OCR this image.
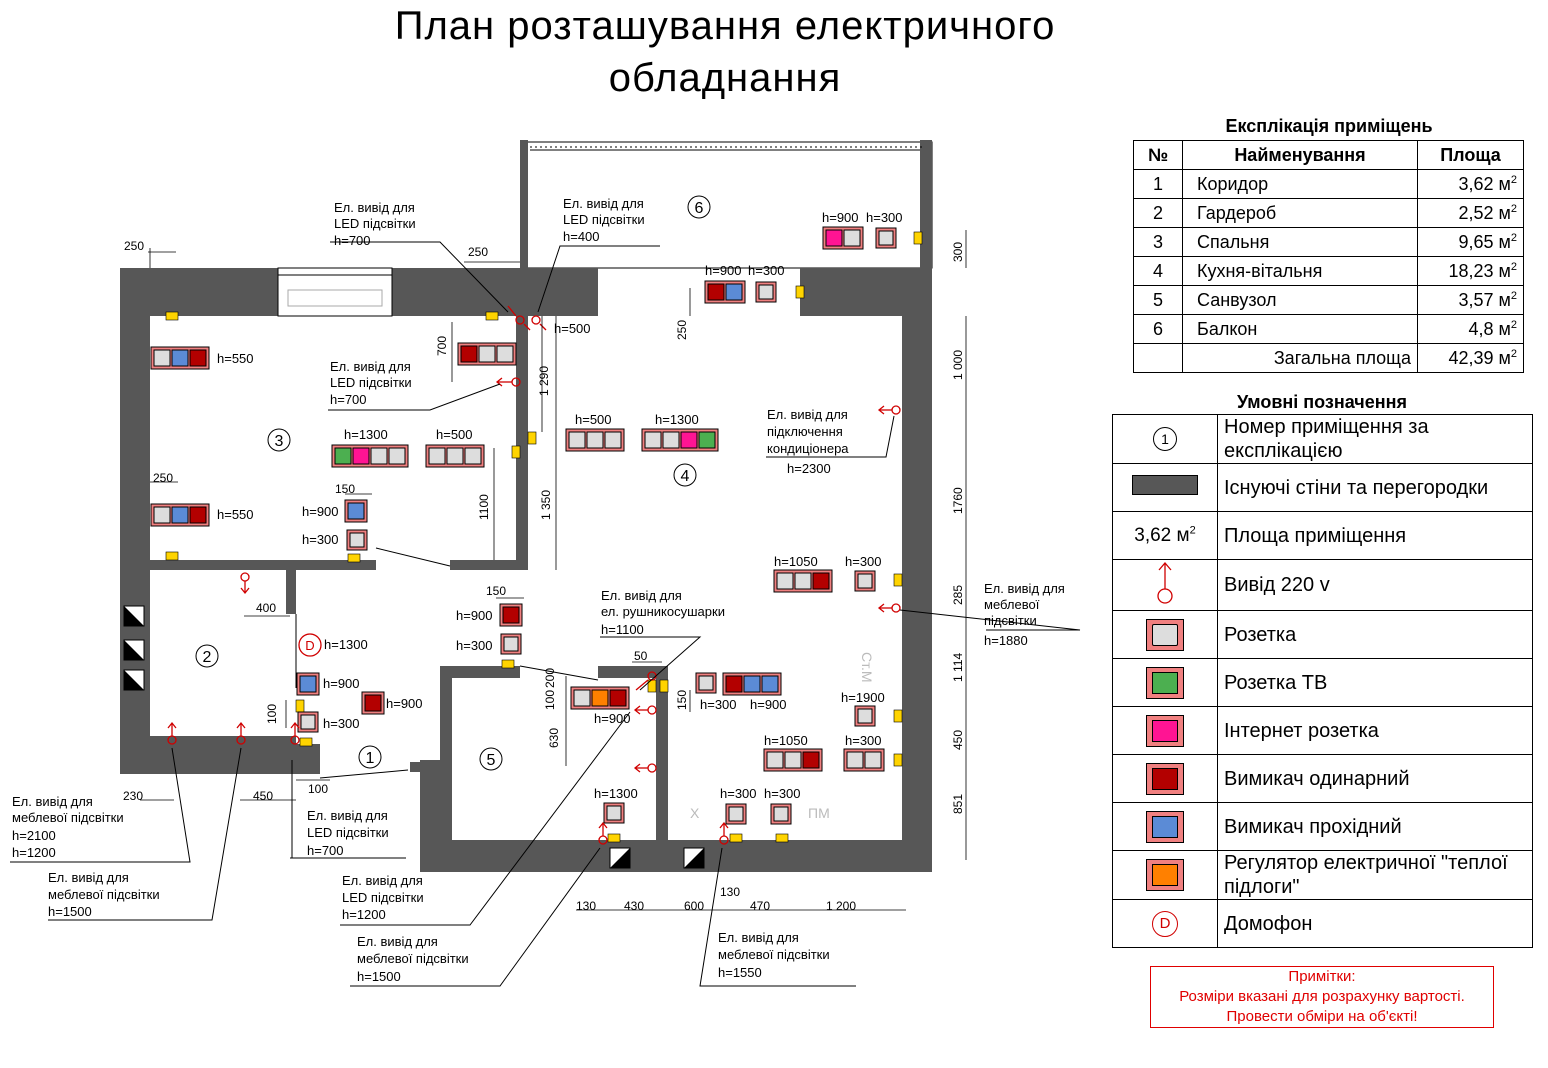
План розташування електричного
обладнання
D
250	250
250
700
1 290
1100	1 350
150
150
50
200
100
630
150
400
100
230	450	100
300
250
1 000
1760
285
1 114
450
851
130 430	600
130
470	1 200
h=550
h=550
h=1300	h=500
h=900
h=300
h=1300
h=900
h=300
h=500	h=1300
h=900 h=300
h=900 h=300
h=900
h=300
h=1050 h=300
h=1900
h=1050	h=300
h=300
h=900
h=900
h=1300
h=300
h=300
h=500
h=900
Ел. вивід для
LED підсвітки
h=700
Ел. вивід для
LED підсвітки
h=400
Ел. вивід для
LED підсвітки
h=700
Ел. вивід для
підключення
кондиціонера
h=2300
Ел. вивід для
меблевої
підсвітки
h=1880
Ел. вивід для
ел. рушникосушарки
h=1100
Ел. вивід для
меблевої підсвітки
h=2100
h=1200
Ел. вивід для
меблевої підсвітки
h=1500
Ел. вивід для
LED підсвітки
h=700
Ел. вивід для
LED підсвітки
h=1200
Ел. вивід для
меблевої підсвітки
h=1500
Ел. вивід для
меблевої підсвітки
h=1550
3
2
1	5
4
6
Ст.М
Х	ПМ
Експлікація приміщень
№	Найменування	Площа
1	Коридор	3,62 $м^2$
2	Гардероб	2,52 $м^2$
3	Спальня	9,65 $м^2$
4	Кухня-вітальня	18,23 $м^2$
5	Санвузол	3,57 $м^2$
6	Балкон	4,8 $м^2$
	Загальна площа	42,39 $м^2$
Умовні позначення
1	Номер приміщення за експлікацією
	Існуючі стіни та перегородки
3,62 $м^2$	Площа приміщення
	Вивід 220 v

	Розетка

	Розетка ТВ

	Інтернет розетка

	Вимикач одинарний

	Вимикач прохідний

	Регулятор електричної "теплої підлоги"
D	Домофон
Примітки:
Розміри вказані для розрахунку вартості.
Провести обміри на об'єкті!
